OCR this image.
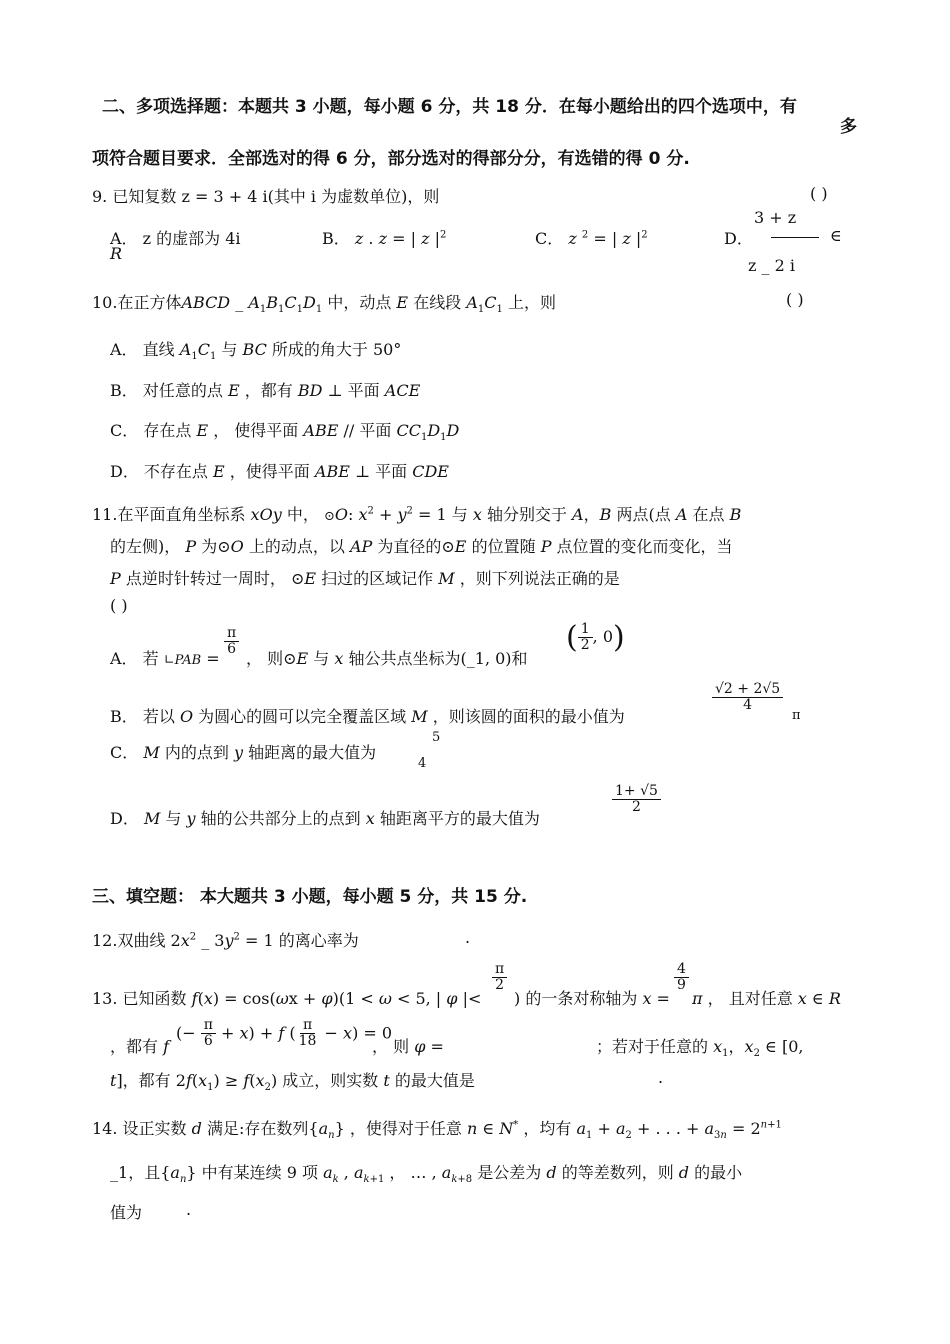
二、多项选择题：本题共 3 小题，每小题 6 分，共 18 分．在每小题给出的四个选项中，有
多
项符合题目要求．全部选对的得 6 分，部分选对的得部分分，有选错的得 0 分.
9. 已知复数 z = 3 + 4 i(其中 i 为虚数单位)，则	( )
A． z 的虚部为 4i
R
B． z . z = | z $|^2$	C． z $^2$ = | z $|^2$	D．
3 + z
z _ 2 i
∈
10.在正方体ABCD _ $A_1B_1C_1D_1$ 中，动点 E 在线段 $A_1C_1$ 上，则	( )
A． 直线 $A_1C_1$ 与 BC 所成的角大于 50°
B． 对任意的点 E ，都有 BD ⊥ 平面 ACE
C． 存在点 E ， 使得平面 ABE // 平面 $CC_1D_1D$
D． 不存在点 E ，使得平面 ABE ⊥ 平面 CDE
11.在平面直角坐标系 xOy 中， ⊙O: $x^2 + y^2 = 1$ 与 x 轴分别交于 A，B 两点(点 A 在点 B
的左侧)， P 为⊙O 上的动点，以 AP 为直径的⊙E 的位置随 P 点位置的变化而变化，当
P 点逆时针转过一周时， ⊙E 扫过的区域记作 M ，则下列说法正确的是
( )
A． 若 ∟PAB =
$\frac{\pi}{6}$
， 则⊙E 与 x 轴公共点坐标为(_1, 0)和
( $\frac{1}{2}$ , 0)
B． 若以 O 为圆心的圆可以完全覆盖区域 M ，则该圆的面积的最小值为
$\frac{√2 + 2√5}{4}$
π
C． M 内的点到 y 轴距离的最大值为
5
4
D． M 与 y 轴的公共部分上的点到 x 轴距离平方的最大值为
$\frac{1+ √5}{2}$
三、填空题： 本大题共 3 小题，每小题 5 分，共 15 分.
12.双曲线 $2x^2$ _ $3y^2 = 1$ 的离心率为	.
13. 已知函数 f(x) = cos(ωx + φ)(1 < ω < 5, | φ |<
$\frac{\pi}{2}$
) 的一条对称轴为 x =
$\frac{4}{9}$
π ， 且对任意 x ∈ R
，都有 f
(− $\frac{\pi}{6} + x) + f$ ( $\frac{\pi}{18} - x) = 0$
， 则 φ =	；若对于任意的 $x_1$，$x_2$ ∈ [0,
t]，都有 $2f(x_1) \ge f(x_2)$ 成立，则实数 t 的最大值是	.
14. 设正实数 d 满足:存在数列$\{a_n\}$ ，使得对于任意 n ∈ N* ，均有 $a_1 + a_2$ + . . . + $a_{3n} = 2^{n+1}$
_1，且$\{a_n\}$ 中有某连续 9 项 $a_k$ , $a_{k+1}$ ， … , $a_{k+8}$ 是公差为 d 的等差数列，则 d 的最小
值为	.
